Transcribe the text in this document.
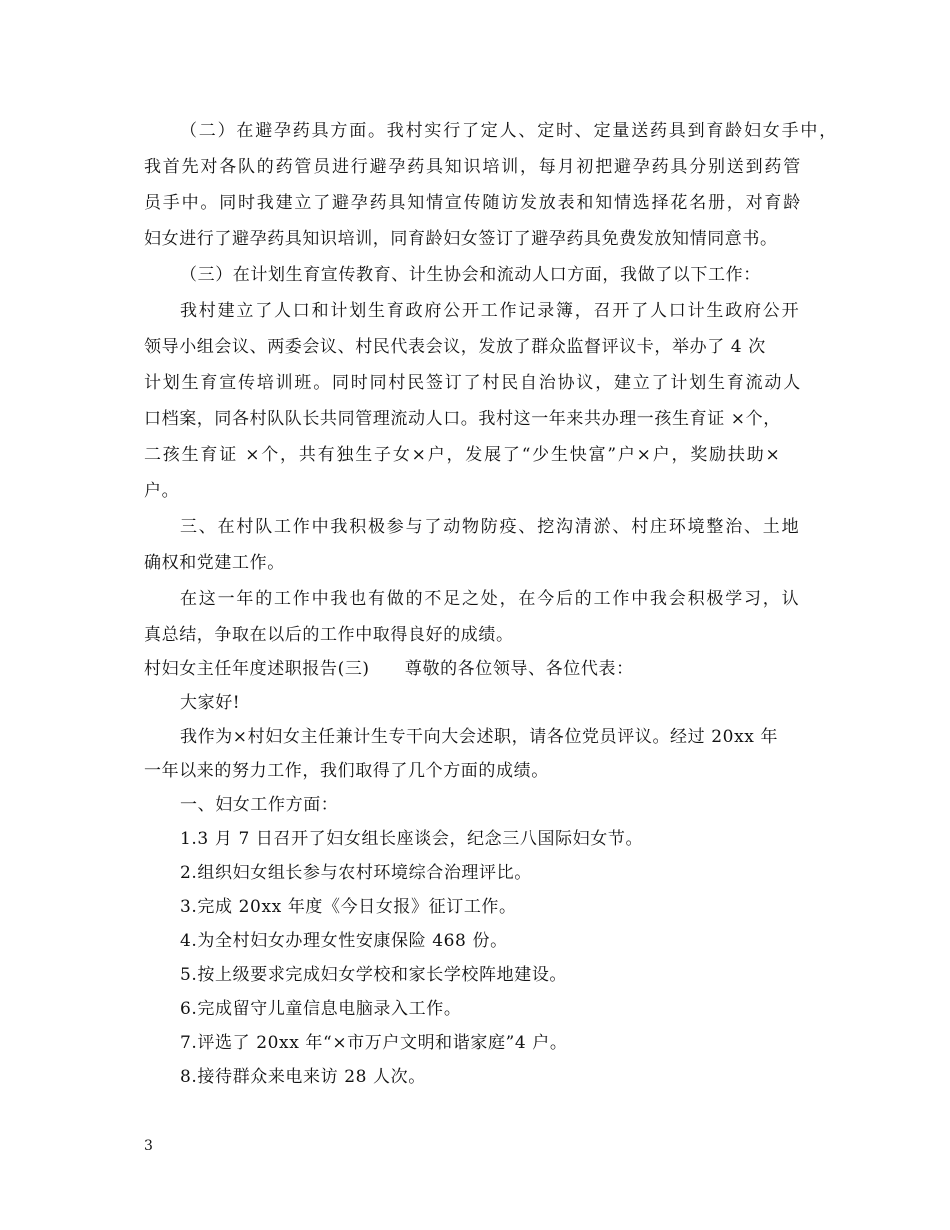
（二）在避孕药具方面。我村实行了定人、定时、定量送药具到育龄妇女手中，
我首先对各队的药管员进行避孕药具知识培训，每月初把避孕药具分别送到药管
员手中。同时我建立了避孕药具知情宣传随访发放表和知情选择花名册，对育龄
妇女进行了避孕药具知识培训，同育龄妇女签订了避孕药具免费发放知情同意书。
（三）在计划生育宣传教育、计生协会和流动人口方面，我做了以下工作：
我村建立了人口和计划生育政府公开工作记录簿，召开了人口计生政府公开
领导小组会议、两委会议、村民代表会议，发放了群众监督评议卡，举办了 4 次
计划生育宣传培训班。同时同村民签订了村民自治协议，建立了计划生育流动人
口档案，同各村队队长共同管理流动人口。我村这一年来共办理一孩生育证 ×个，
二孩生育证 ×个，共有独生子女×户，发展了“少生快富”户×户，奖励扶助×
户。
三、在村队工作中我积极参与了动物防疫、挖沟清淤、村庄环境整治、土地
确权和党建工作。
在这一年的工作中我也有做的不足之处，在今后的工作中我会积极学习，认
真总结，争取在以后的工作中取得良好的成绩。
村妇女主任年度述职报告(三)　　尊敬的各位领导、各位代表：
大家好!
我作为×村妇女主任兼计生专干向大会述职，请各位党员评议。经过 20xx 年
一年以来的努力工作，我们取得了几个方面的成绩。
一、妇女工作方面：
1.3 月 7 日召开了妇女组长座谈会，纪念三八国际妇女节。
2.组织妇女组长参与农村环境综合治理评比。
3.完成 20xx 年度《今日女报》征订工作。
4.为全村妇女办理女性安康保险 468 份。
5.按上级要求完成妇女学校和家长学校阵地建设。
6.完成留守儿童信息电脑录入工作。
7.评选了 20xx 年“×市万户文明和谐家庭”4 户。
8.接待群众来电来访 28 人次。
3
